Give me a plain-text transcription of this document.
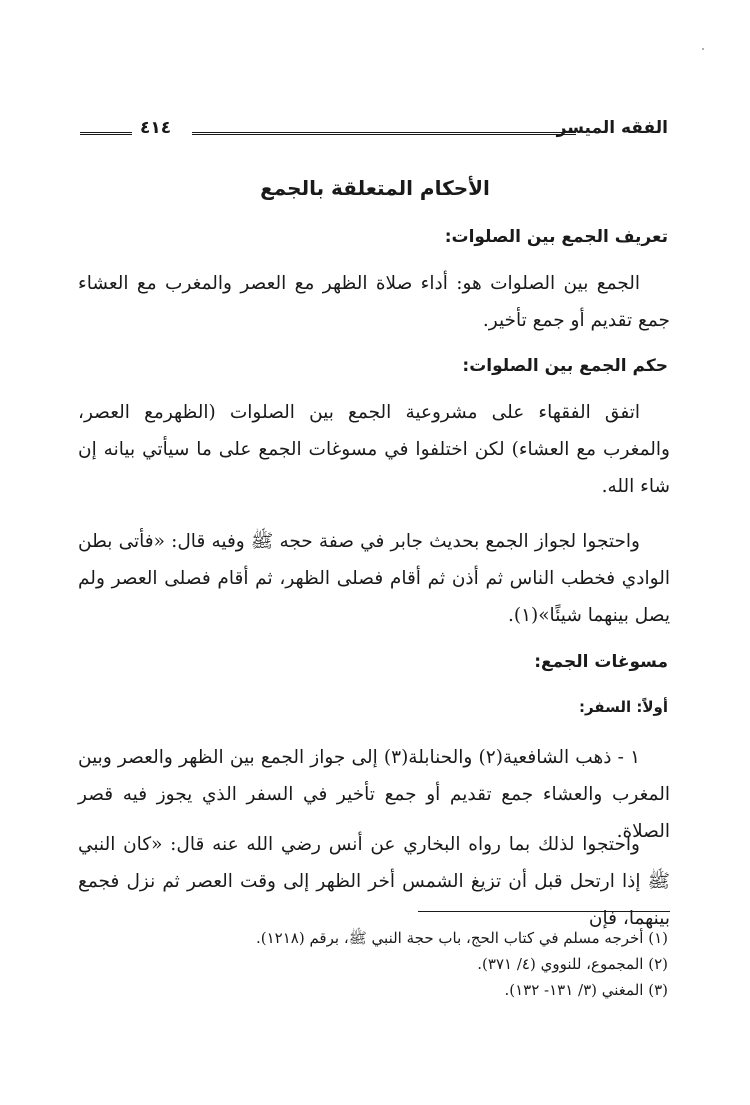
الفقه الميسر
٤١٤
الأحكام المتعلقة بالجمع
تعريف الجمع بين الصلوات:
الجمع بين الصلوات هو: أداء صلاة الظهر مع العصر والمغرب مع العشاء جمع تقديم أو جمع تأخير.
حكم الجمع بين الصلوات:
اتفق الفقهاء على مشروعية الجمع بين الصلوات (الظهرمع العصر، والمغرب مع العشاء) لكن اختلفوا في مسوغات الجمع على ما سيأتي بيانه إن شاء الله.
واحتجوا لجواز الجمع بحديث جابر في صفة حجه ﷺ وفيه قال: «فأتى بطن الوادي فخطب الناس ثم أذن ثم أقام فصلى الظهر، ثم أقام فصلى العصر ولم يصل بينهما شيئًا»(١).
مسوغات الجمع:
أولاً: السفر:
١ - ذهب الشافعية(٢) والحنابلة(٣) إلى جواز الجمع بين الظهر والعصر وبين المغرب والعشاء جمع تقديم أو جمع تأخير في السفر الذي يجوز فيه قصر الصلاة.
واحتجوا لذلك بما رواه البخاري عن أنس رضي الله عنه قال: «كان النبي ﷺ إذا ارتحل قبل أن تزيغ الشمس أخر الظهر إلى وقت العصر ثم نزل فجمع بينهما، فإن
(١) أخرجه مسلم في كتاب الحج، باب حجة النبي ﷺ، برقم (١٢١٨).
(٢) المجموع، للنووي (٤/ ٣٧١).
(٣) المغني (٣/ ١٣١- ١٣٢).
